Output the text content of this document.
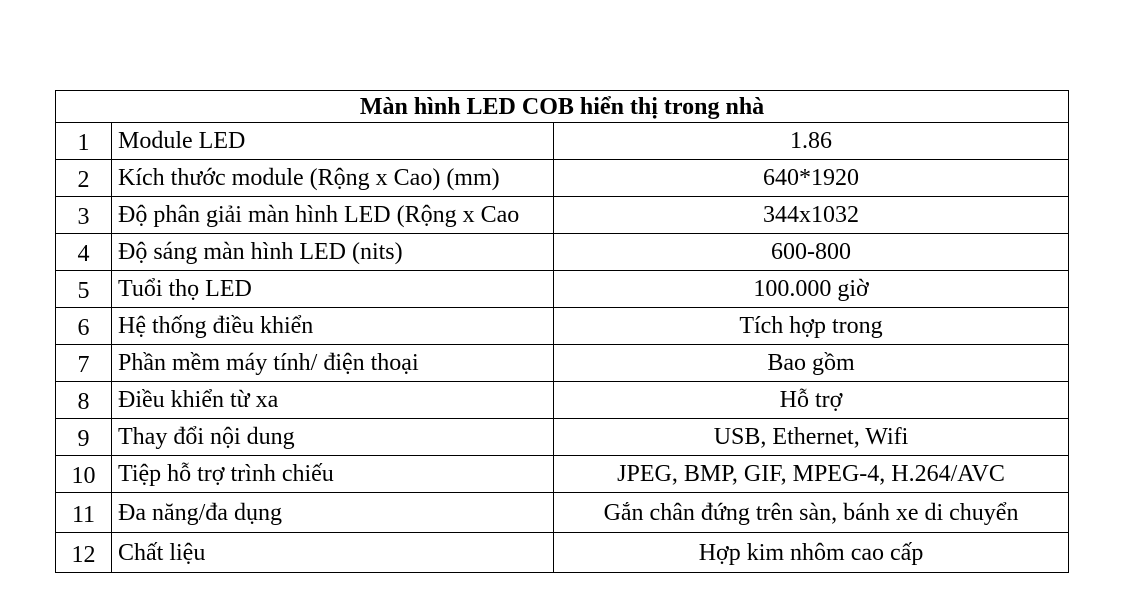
Màn hình LED COB hiển thị trong nhà		
1	Module LED	1.86
2	Kích thước module (Rộng x Cao) (mm)	640*1920
3	Độ phân giải màn hình LED (Rộng x Cao	344x1032
4	Độ sáng màn hình LED (nits)	600-800
5	Tuổi thọ LED	100.000 giờ
6	Hệ thống điều khiển	Tích hợp trong
7	Phần mềm máy tính/ điện thoại	Bao gồm
8	Điều khiển từ xa	Hỗ trợ
9	Thay đổi nội dung	USB, Ethernet, Wifi
10	Tiệp hỗ trợ trình chiếu	JPEG, BMP, GIF, MPEG-4, H.264/AVC
11	Đa năng/đa dụng	Gắn chân đứng trên sàn, bánh xe di chuyển
12	Chất liệu	Hợp kim nhôm cao cấp
